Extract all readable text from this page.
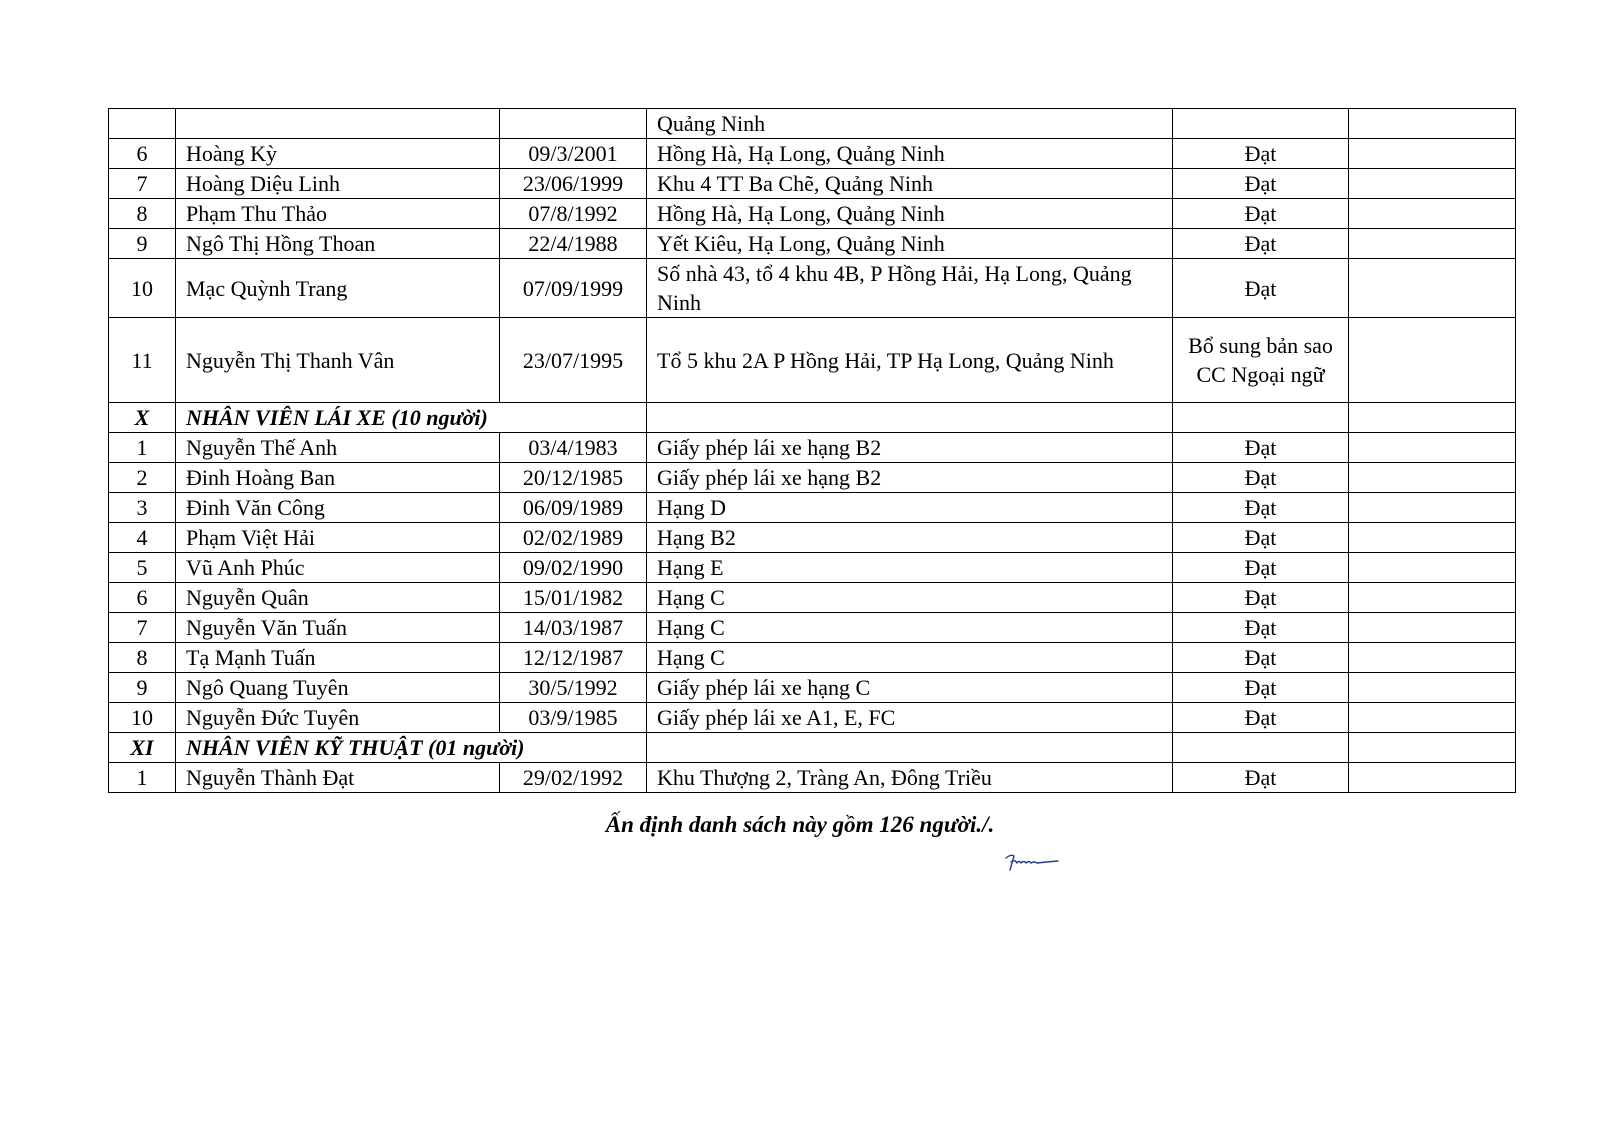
			Quảng Ninh		
6	Hoàng Kỳ	09/3/2001	Hồng Hà, Hạ Long, Quảng Ninh	Đạt	
7	Hoàng Diệu Linh	23/06/1999	Khu 4 TT Ba Chẽ, Quảng Ninh	Đạt	
8	Phạm Thu Thảo	07/8/1992	Hồng Hà, Hạ Long, Quảng Ninh	Đạt	
9	Ngô Thị Hồng Thoan	22/4/1988	Yết Kiêu, Hạ Long, Quảng Ninh	Đạt	
10	Mạc Quỳnh Trang	07/09/1999	Số nhà 43, tổ 4 khu 4B, P Hồng Hải, Hạ Long, Quảng Ninh	Đạt	
11	Nguyễn Thị Thanh Vân	23/07/1995	Tổ 5 khu 2A P Hồng Hải, TP Hạ Long, Quảng Ninh	Bổ sung bản sao CC Ngoại ngữ	
X	NHÂN VIÊN LÁI XE (10 người)				
1	Nguyễn Thế Anh	03/4/1983	Giấy phép lái xe hạng B2	Đạt	
2	Đinh Hoàng Ban	20/12/1985	Giấy phép lái xe hạng B2	Đạt	
3	Đinh Văn Công	06/09/1989	Hạng D	Đạt	
4	Phạm Việt Hải	02/02/1989	Hạng B2	Đạt	
5	Vũ Anh Phúc	09/02/1990	Hạng E	Đạt	
6	Nguyễn Quân	15/01/1982	Hạng C	Đạt	
7	Nguyễn Văn Tuấn	14/03/1987	Hạng C	Đạt	
8	Tạ Mạnh Tuấn	12/12/1987	Hạng C	Đạt	
9	Ngô Quang Tuyên	30/5/1992	Giấy phép lái xe hạng C	Đạt	
10	Nguyễn Đức Tuyên	03/9/1985	Giấy phép lái xe A1, E, FC	Đạt	
XI	NHÂN VIÊN KỸ THUẬT (01 người)				
1	Nguyễn Thành Đạt	29/02/1992	Khu Thượng 2, Tràng An, Đông Triều	Đạt	
Ấn định danh sách này gồm 126 người./.
